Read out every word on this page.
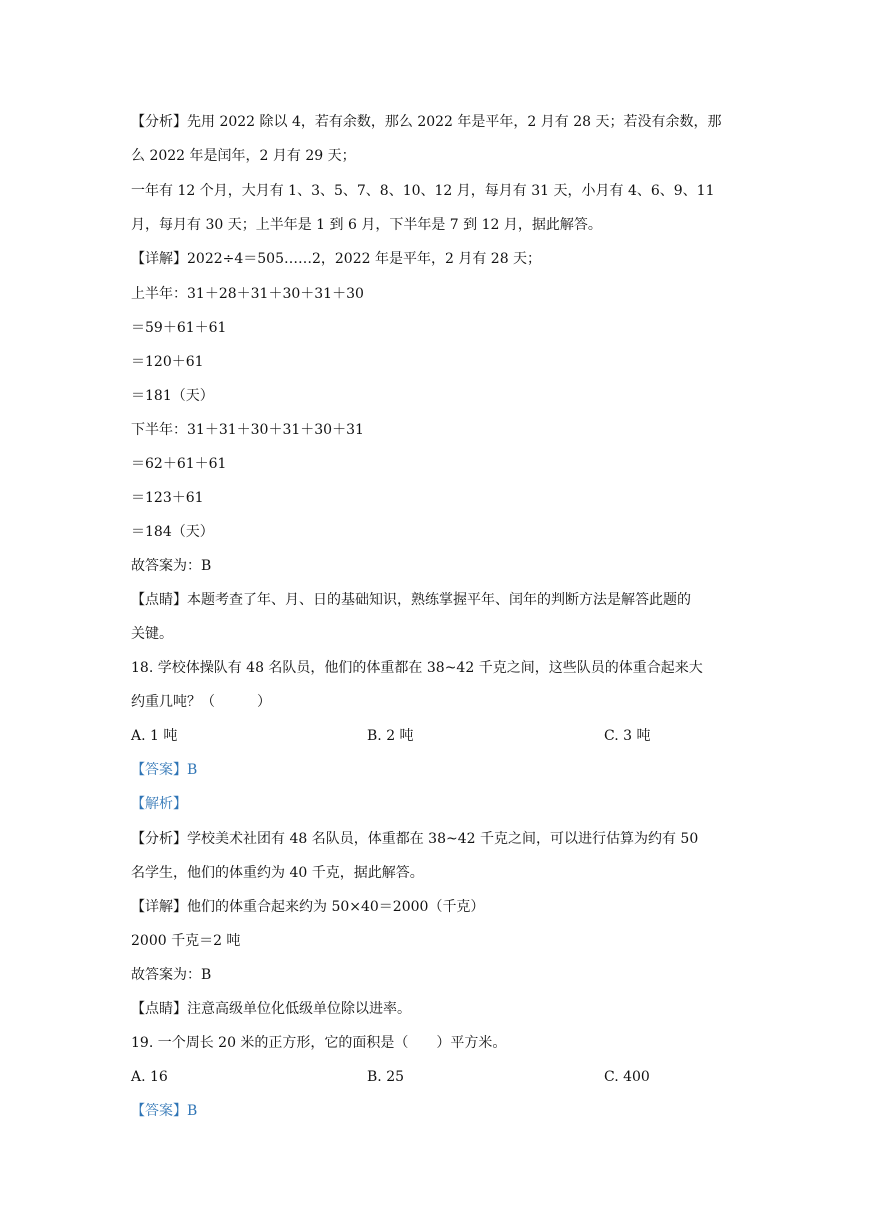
【分析】先用 2022 除以 4，若有余数，那么 2022 年是平年，2 月有 28 天；若没有余数，那
么 2022 年是闰年，2 月有 29 天；
一年有 12 个月，大月有 1、3、5、7、8、10、12 月，每月有 31 天，小月有 4、6、9、11
月，每月有 30 天；上半年是 1 到 6 月，下半年是 7 到 12 月，据此解答。
【详解】2022÷4＝505……2，2022 年是平年，2 月有 28 天；
上半年：31＋28＋31＋30＋31＋30
＝59＋61＋61
＝120＋61
＝181（天）
下半年：31＋31＋30＋31＋30＋31
＝62＋61＋61
＝123＋61
＝184（天）
故答案为：B
【点睛】本题考查了年、月、日的基础知识，熟练掌握平年、闰年的判断方法是解答此题的
关键。
18. 学校体操队有 48 名队员，他们的体重都在 38~42 千克之间，这些队员的体重合起来大
约重几吨？（　　　）
A. 1 吨	B. 2 吨	C. 3 吨
【答案】B
【解析】
【分析】学校美术社团有 48 名队员，体重都在 38~42 千克之间，可以进行估算为约有 50
名学生，他们的体重约为 40 千克，据此解答。
【详解】他们的体重合起来约为 50×40＝2000（千克）
2000 千克＝2 吨
故答案为：B
【点睛】注意高级单位化低级单位除以进率。
19. 一个周长 20 米的正方形，它的面积是（　　）平方米。
A. 16	B. 25	C. 400
【答案】B
